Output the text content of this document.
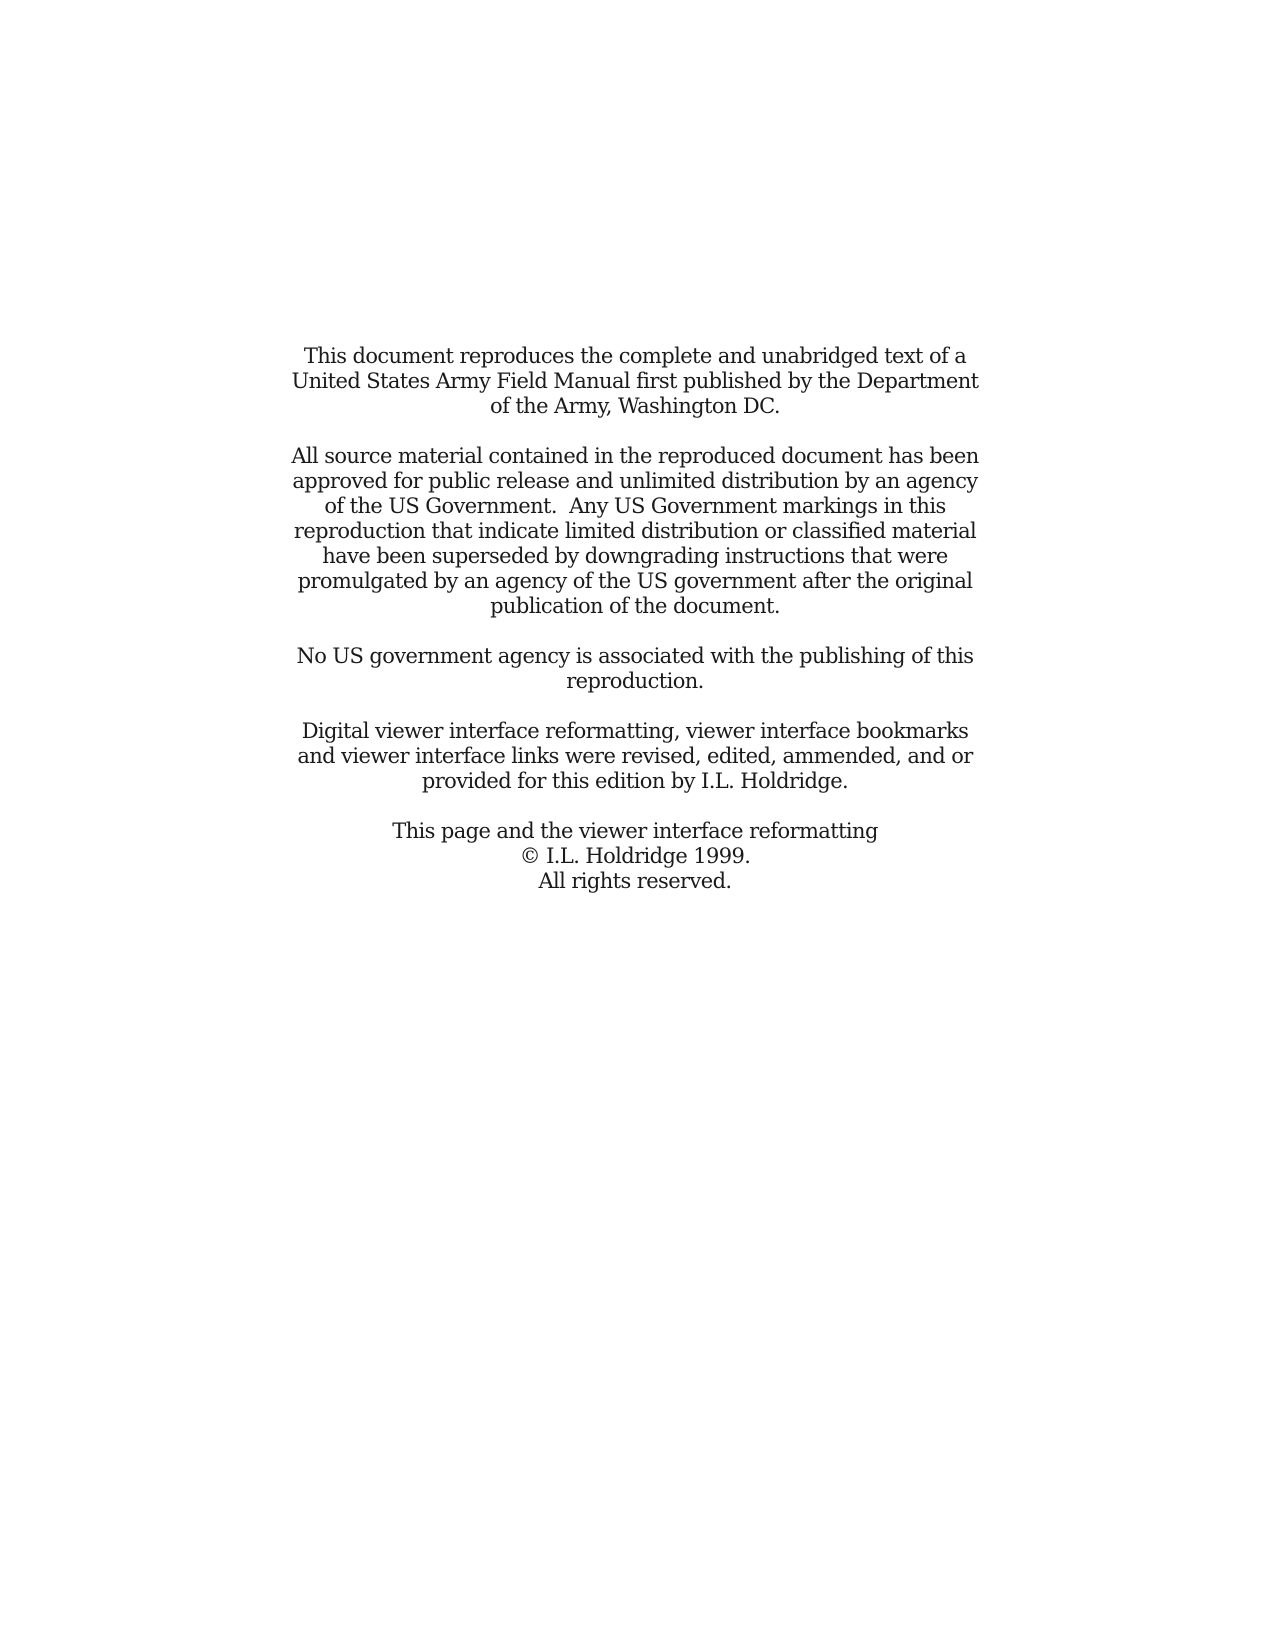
This document reproduces the complete and unabridged text of a
United States Army Field Manual first published by the Department
of the Army, Washington DC.

All source material contained in the reproduced document has been
approved for public release and unlimited distribution by an agency
of the US Government.  Any US Government markings in this
reproduction that indicate limited distribution or classified material
have been superseded by downgrading instructions that were
promulgated by an agency of the US government after the original
publication of the document.

No US government agency is associated with the publishing of this
reproduction.

Digital viewer interface reformatting, viewer interface bookmarks
and viewer interface links were revised, edited, ammended, and or
provided for this edition by I.L. Holdridge.

This page and the viewer interface reformatting
© I.L. Holdridge 1999.
All rights reserved.
